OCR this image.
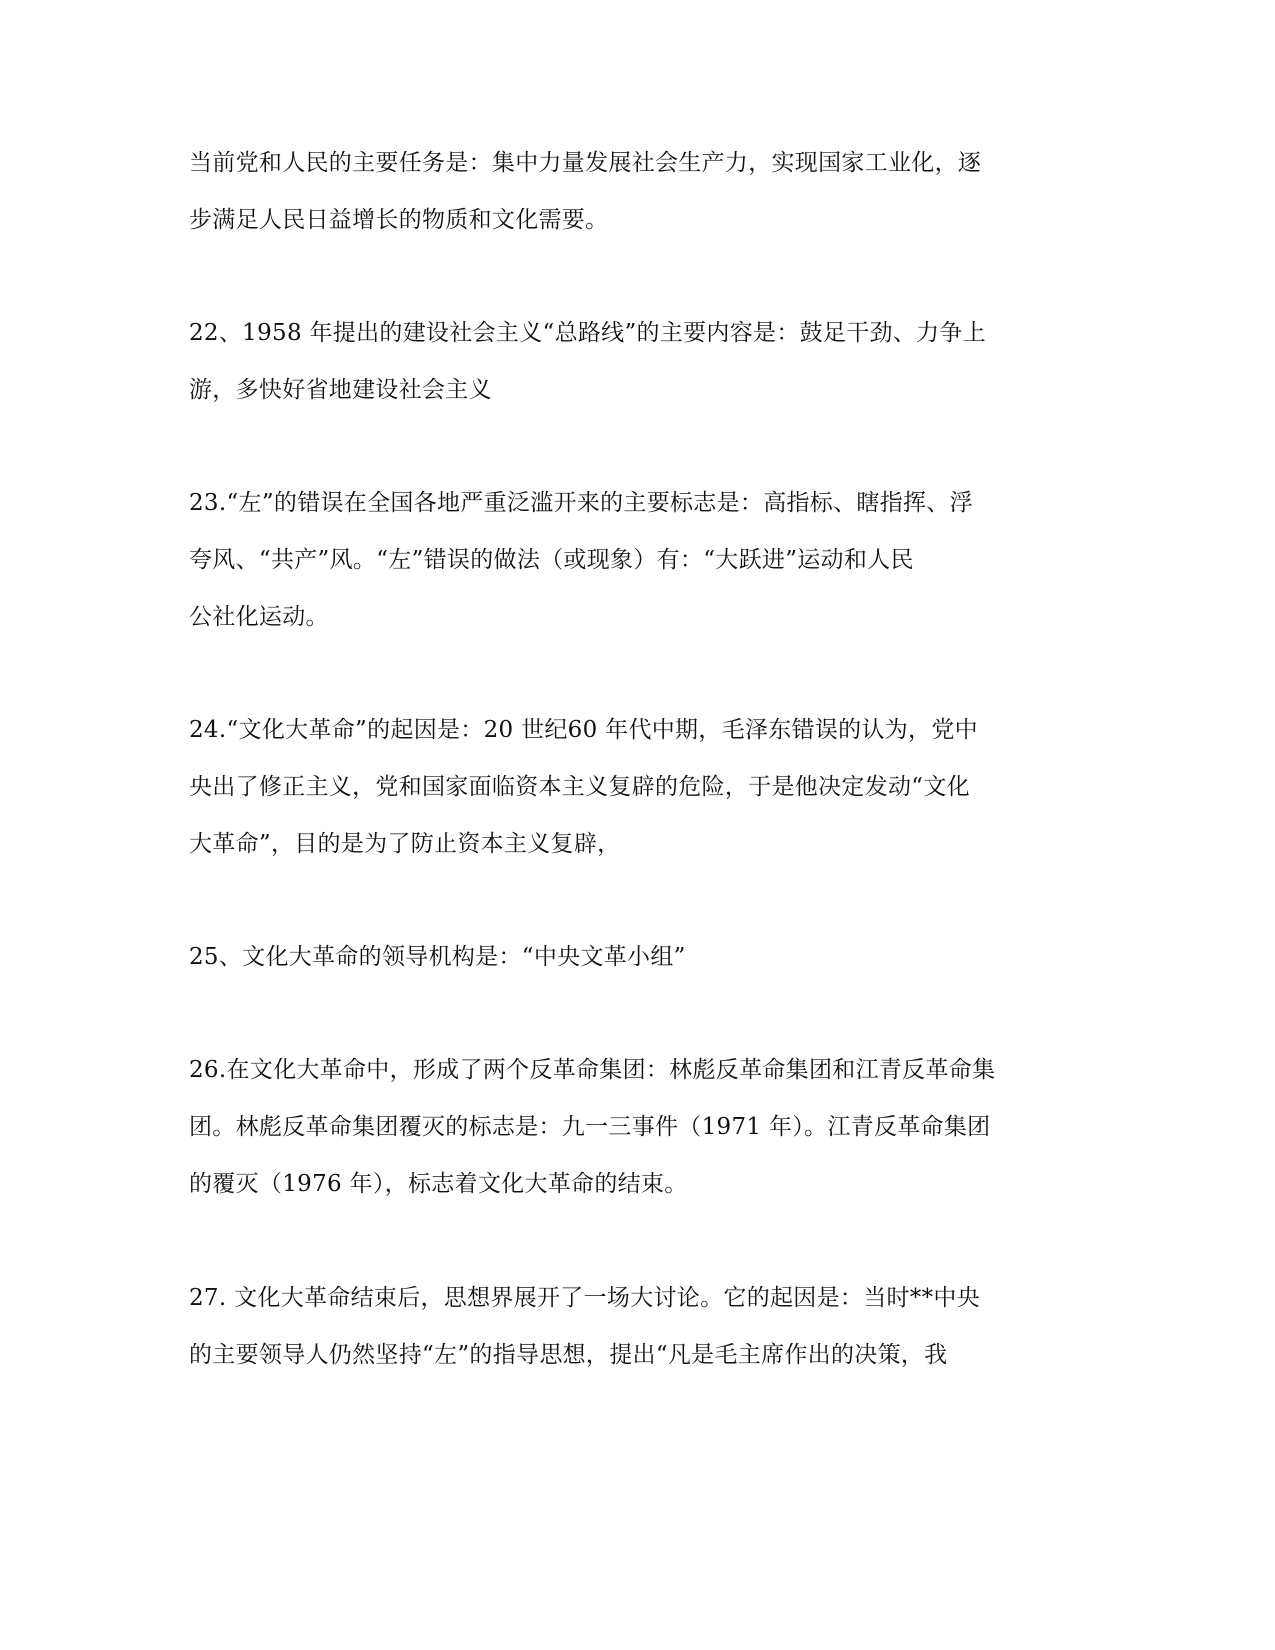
当前党和人民的主要任务是：集中力量发展社会生产力，实现国家工业化，逐
步满足人民日益增长的物质和文化需要。
22、1958 年提出的建设社会主义“总路线”的主要内容是：鼓足干劲、力争上
游，多快好省地建设社会主义
23.“左”的错误在全国各地严重泛滥开来的主要标志是：高指标、瞎指挥、浮
夸风、“共产”风。“左”错误的做法（或现象）有：“大跃进”运动和人民
公社化运动。
24.“文化大革命”的起因是：20 世纪60 年代中期，毛泽东错误的认为，党中
央出了修正主义，党和国家面临资本主义复辟的危险，于是他决定发动“文化
大革命”，目的是为了防止资本主义复辟，
25、文化大革命的领导机构是：“中央文革小组”
26.在文化大革命中，形成了两个反革命集团：林彪反革命集团和江青反革命集
团。林彪反革命集团覆灭的标志是：九一三事件（1971 年）。江青反革命集团
的覆灭（1976 年），标志着文化大革命的结束。
27. 文化大革命结束后，思想界展开了一场大讨论。它的起因是：当时**中央
的主要领导人仍然坚持“左”的指导思想，提出“凡是毛主席作出的决策，我
